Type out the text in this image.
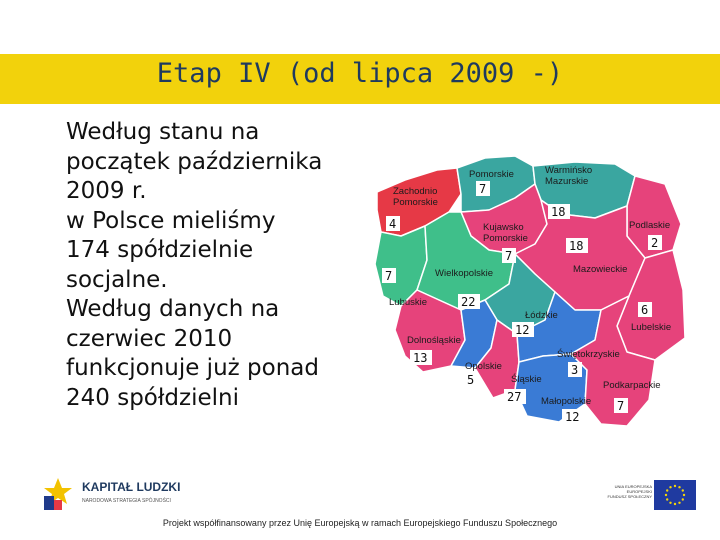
Etap IV (od lipca 2009 -)
Według stanu na
początek października
2009 r.
w Polsce mieliśmy
174 spółdzielnie
socjalne.
Według danych na
czerwiec 2010
funkcjonuje już ponad
240 spółdzielni
Zachodnio Pomorskie
4
Pomorskie
7
Warmińsko Mazurskie
18
Kujawsko Pomorskie
7
Podlaskie
2
Lubuskie
7	Wielkopolskie
22
Mazowieckie
18
Łódzkie
12	Lubelskie
6
Dolnośląskie
13
Opolskie
5	Śląskie
27
Świętokrzyskie
3
Małopolskie
12
Podkarpackie
7
KAPITAŁ LUDZKI
NARODOWA STRATEGIA SPÓJNOŚCI
UNIA EUROPEJSKA
EUROPEJSKI
FUNDUSZ SPOŁECZNY
Projekt współfinansowany przez Unię Europejską w ramach Europejskiego Funduszu Społecznego
